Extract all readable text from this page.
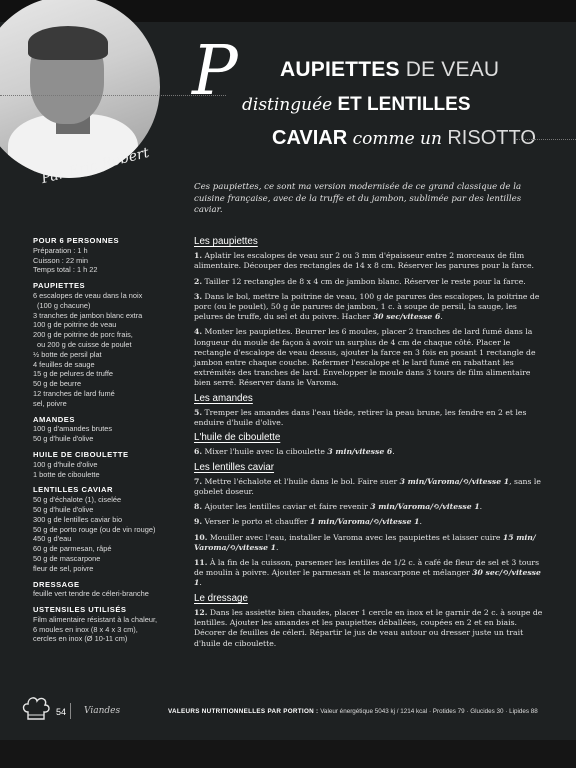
Par Eric Robert
P AUPIETTES DE VEAU
distinguée ET LENTILLES
CAVIAR comme un RISOTTO
Ces paupiettes, ce sont ma version modernisée de ce grand classique de la cuisine française, avec de la truffe et du jambon, sublimée par des lentilles caviar.
POUR 6 PERSONNES
Préparation : 1 h
Cuisson : 22 min
Temps total : 1 h 22
PAUPIETTES
6 escalopes de veau dans la noix
(100 g chacune)
3 tranches de jambon blanc extra
100 g de poitrine de veau
200 g de poitrine de porc frais,
ou 200 g de cuisse de poulet
½ botte de persil plat
4 feuilles de sauge
15 g de pelures de truffe
50 g de beurre
12 tranches de lard fumé
sel, poivre
AMANDES
100 g d'amandes brutes
50 g d'huile d'olive
HUILE DE CIBOULETTE
100 g d'huile d'olive
1 botte de ciboulette
LENTILLES CAVIAR
50 g d'échalote (1), ciselée
50 g d'huile d'olive
300 g de lentilles caviar bio
50 g de porto rouge (ou de vin rouge)
450 g d'eau
60 g de parmesan, râpé
50 g de mascarpone
fleur de sel, poivre
DRESSAGE
feuille vert tendre de céleri-branche
USTENSILES UTILISÉS
Film alimentaire résistant à la chaleur,
6 moules en inox (8 x 4 x 3 cm),
cercles en inox (Ø 10-11 cm)
Les paupiettes

1. Aplatir les escalopes de veau sur 2 ou 3 mm d'épaisseur entre 2 morceaux de film alimentaire. Découper des rectangles de 14 x 8 cm. Réserver les parures pour la farce.

2. Tailler 12 rectangles de 8 x 4 cm de jambon blanc. Réserver le reste pour la farce.

3. Dans le bol, mettre la poitrine de veau, 100 g de parures des escalopes, la poitrine de porc (ou le poulet), 50 g de parures de jambon, 1 c. à soupe de persil, la sauge, les pelures de truffe, du sel et du poivre. Hacher 30 sec/vitesse 6.

4. Monter les paupiettes. Beurrer les 6 moules, placer 2 tranches de lard fumé dans la longueur du moule de façon à avoir un surplus de 4 cm de chaque côté. Placer le rectangle d'escalope de veau dessus, ajouter la farce en 3 fois en posant 1 rectangle de jambon entre chaque couche. Refermer l'escalope et le lard fumé en rabattant les extrémités des tranches de lard. Envelopper le moule dans 3 tours de film alimentaire bien serré. Réserver dans le Varoma.

Les amandes

5. Tremper les amandes dans l'eau tiède, retirer la peau brune, les fendre en 2 et les enduire d'huile d'olive.

L'huile de ciboulette

6. Mixer l'huile avec la ciboulette 3 min/vitesse 6.

Les lentilles caviar

7. Mettre l'échalote et l'huile dans le bol. Faire suer 3 min/Varoma/⟲/vitesse 1, sans le gobelet doseur.

8. Ajouter les lentilles caviar et faire revenir 3 min/Varoma/⟲/vitesse 1.

9. Verser le porto et chauffer 1 min/Varoma/⟲/vitesse 1.

10. Mouiller avec l'eau, installer le Varoma avec les paupiettes et laisser cuire 15 min/ Varoma/⟲/vitesse 1.

11. À la fin de la cuisson, parsemer les lentilles de 1/2 c. à café de fleur de sel et 3 tours de moulin à poivre. Ajouter le parmesan et le mascarpone et mélanger 30 sec/⟲/vitesse 1.

Le dressage

12. Dans les assiette bien chaudes, placer 1 cercle en inox et le garnir de 2 c. à soupe de lentilles. Ajouter les amandes et les paupiettes déballées, coupées en 2 et en biais. Décorer de feuilles de céleri. Répartir le jus de veau autour ou dresser juste un trait d'huile de ciboulette.

54 Viandes	VALEURS NUTRITIONNELLES PAR PORTION : Valeur énergétique 5043 kj / 1214 kcal · Protides 79 · Glucides 30 · Lipides 88
